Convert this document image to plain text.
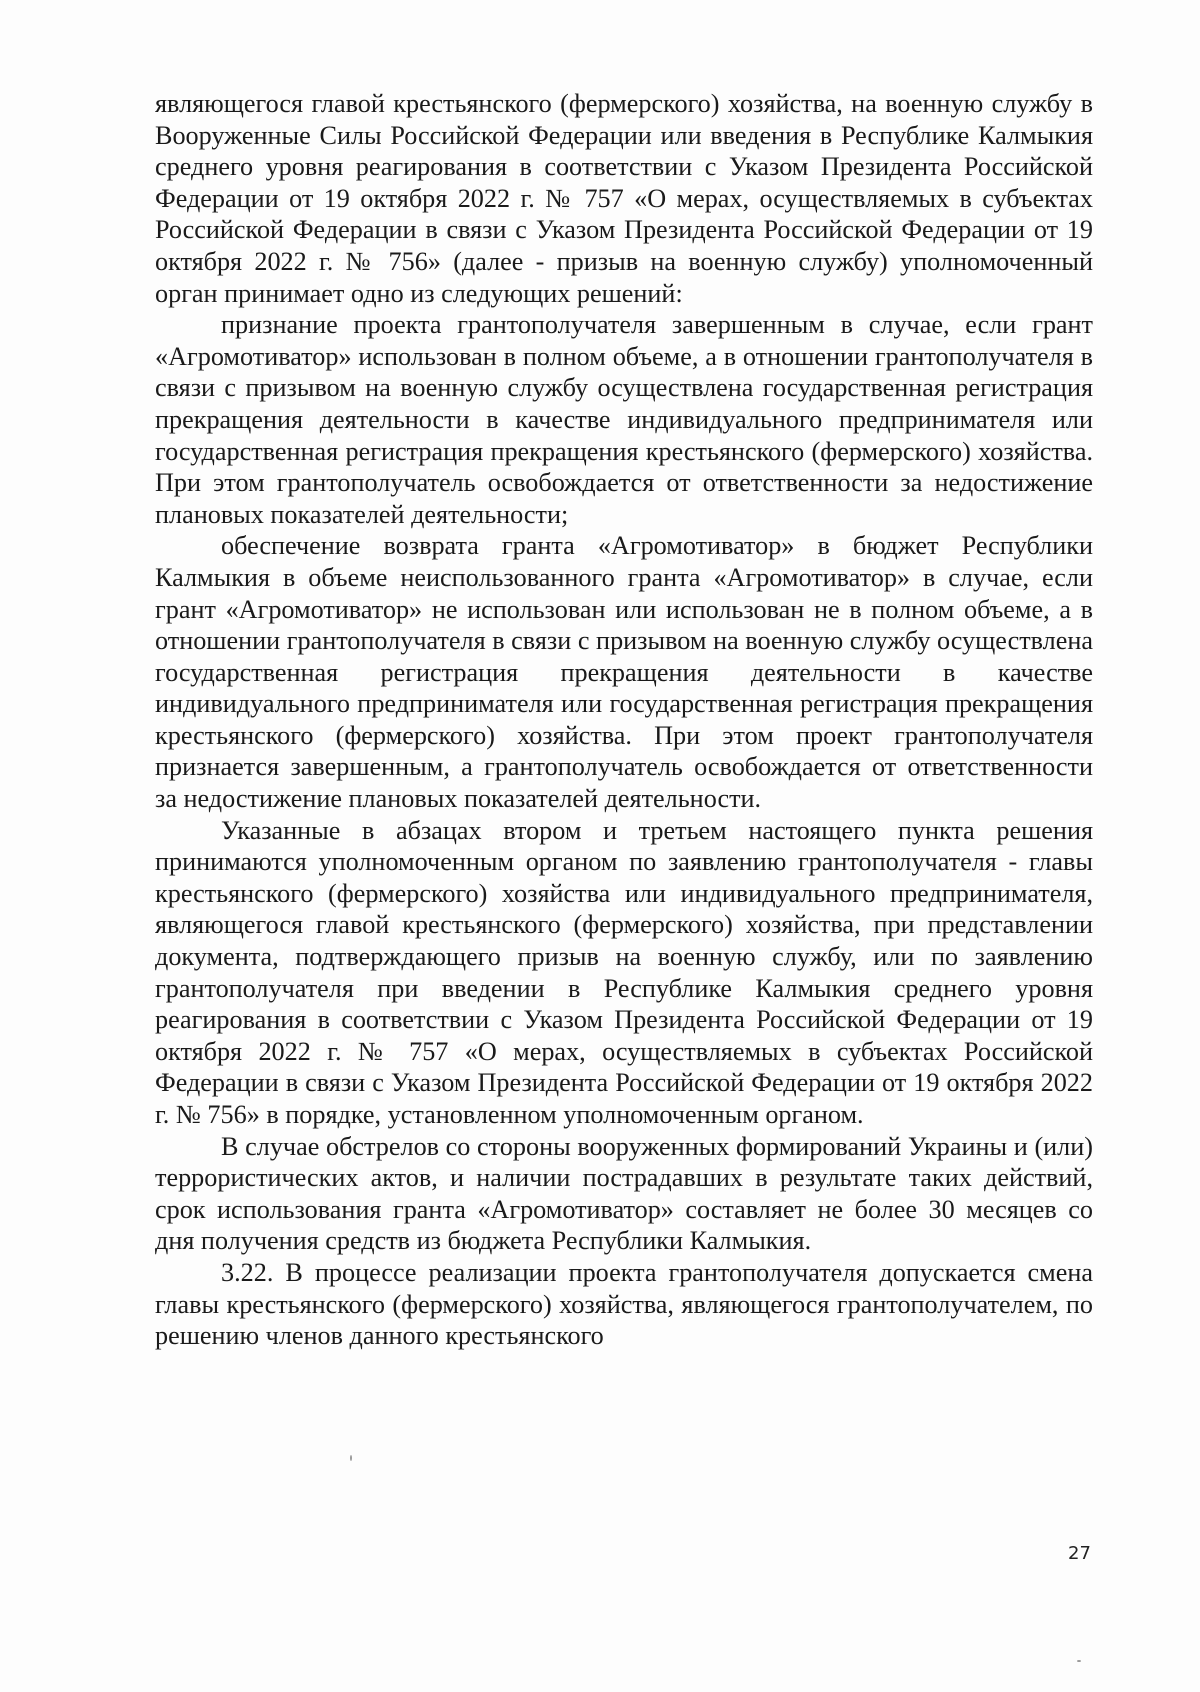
являющегося главой крестьянского (фермерского) хозяйства, на военную службу в Вооруженные Силы Российской Федерации или введения в Республике Калмыкия среднего уровня реагирования в соответствии с Указом Президента Российской Федерации от 19 октября 2022 г. № 757 «О мерах, осуществляемых в субъектах Российской Федерации в связи с Указом Президента Российской Федерации от 19 октября 2022 г. № 756» (далее - призыв на военную службу) уполномоченный орган принимает одно из следующих решений:

признание проекта грантополучателя завершенным в случае, если грант «Агромотиватор» использован в полном объеме, а в отношении грантополучателя в связи с призывом на военную службу осуществлена государственная регистрация прекращения деятельности в качестве индивидуального предпринимателя или государственная регистрация прекращения крестьянского (фермерского) хозяйства. При этом грантополучатель освобождается от ответственности за недостижение плановых показателей деятельности;

обеспечение возврата гранта «Агромотиватор» в бюджет Республики Калмыкия в объеме неиспользованного гранта «Агромотиватор» в случае, если грант «Агромотиватор» не использован или использован не в полном объеме, а в отношении грантополучателя в связи с призывом на военную службу осуществлена государственная регистрация прекращения деятельности в качестве индивидуального предпринимателя или государственная регистрация прекращения крестьянского (фермерского) хозяйства. При этом проект грантополучателя признается завершенным, а грантополучатель освобождается от ответственности за недостижение плановых показателей деятельности.

Указанные в абзацах втором и третьем настоящего пункта решения принимаются уполномоченным органом по заявлению грантополучателя - главы крестьянского (фермерского) хозяйства или индивидуального предпринимателя, являющегося главой крестьянского (фермерского) хозяйства, при представлении документа, подтверждающего призыв на военную службу, или по заявлению грантополучателя при введении в Республике Калмыкия среднего уровня реагирования в соответствии с Указом Президента Российской Федерации от 19 октября 2022 г. № 757 «О мерах, осуществляемых в субъектах Российской Федерации в связи с Указом Президента Российской Федерации от 19 октября 2022 г. № 756» в порядке, установленном уполномоченным органом.

В случае обстрелов со стороны вооруженных формирований Украины и (или) террористических актов, и наличии пострадавших в результате таких действий, срок использования гранта «Агромотиватор» составляет не более 30 месяцев со дня получения средств из бюджета Республики Калмыкия.

3.22. В процессе реализации проекта грантополучателя допускается смена главы крестьянского (фермерского) хозяйства, являющегося грантополучателем, по решению членов данного крестьянского

27
